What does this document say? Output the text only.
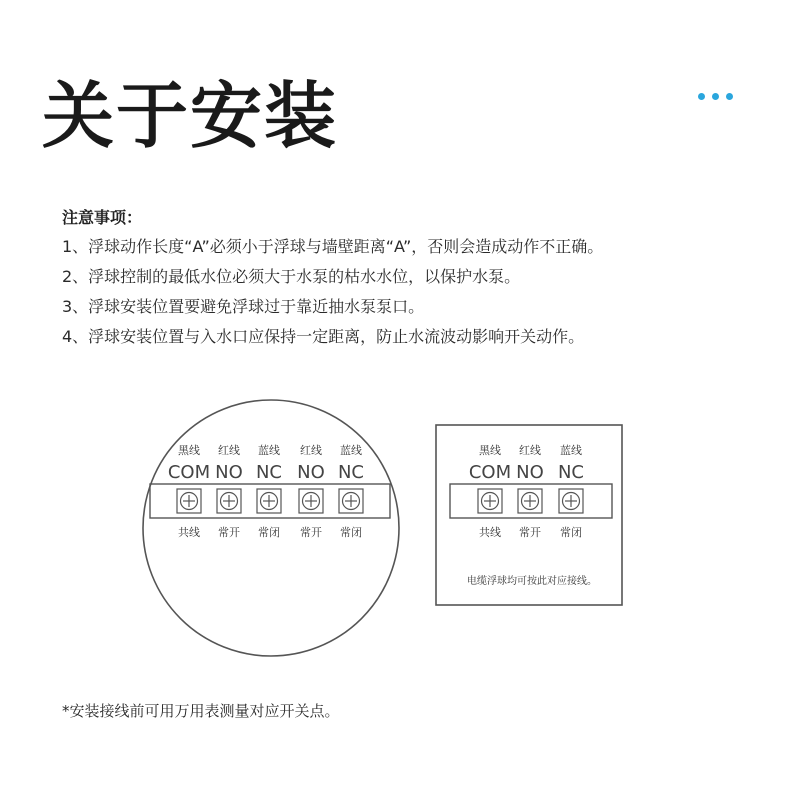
关于安装
注意事项：
1、浮球动作长度“A”必须小于浮球与墙壁距离“A”，否则会造成动作不正确。
2、浮球控制的最低水位必须大于水泵的枯水水位，以保护水泵。
3、浮球安装位置要避免浮球过于靠近抽水泵泵口。
4、浮球安装位置与入水口应保持一定距离，防止水流波动影响开关动作。
黑线 红线 蓝线 红线 蓝线
COM NO NC NO NC
共线 常开 常闭 常开 常闭
黑线 红线 蓝线
COM NO NC
共线 常开 常闭
电缆浮球均可按此对应接线。
*安装接线前可用万用表测量对应开关点。
